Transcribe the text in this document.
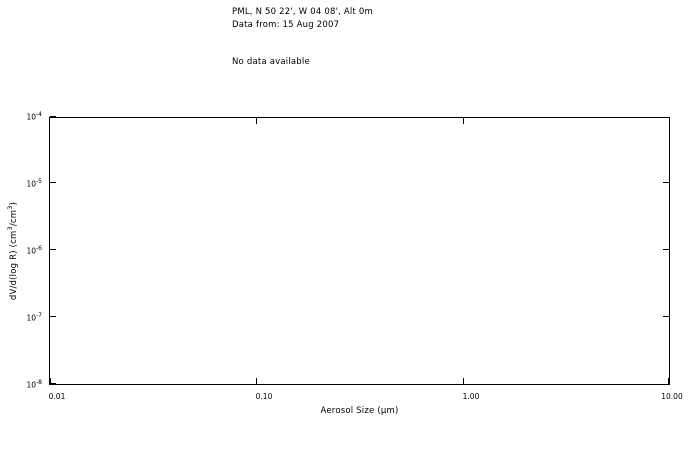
PML, N 50 22', W 04 08', Alt 0m
Data from: 15 Aug 2007
No data available
$10^{-4}$
$10^{-5}$
$10^{-6}$
$10^{-7}$
$10^{-8}$
0.01	0.10	1.00	10.00
Aerosol Size (µm)
dV/d(log R) $(cm^3/cm^3)$
